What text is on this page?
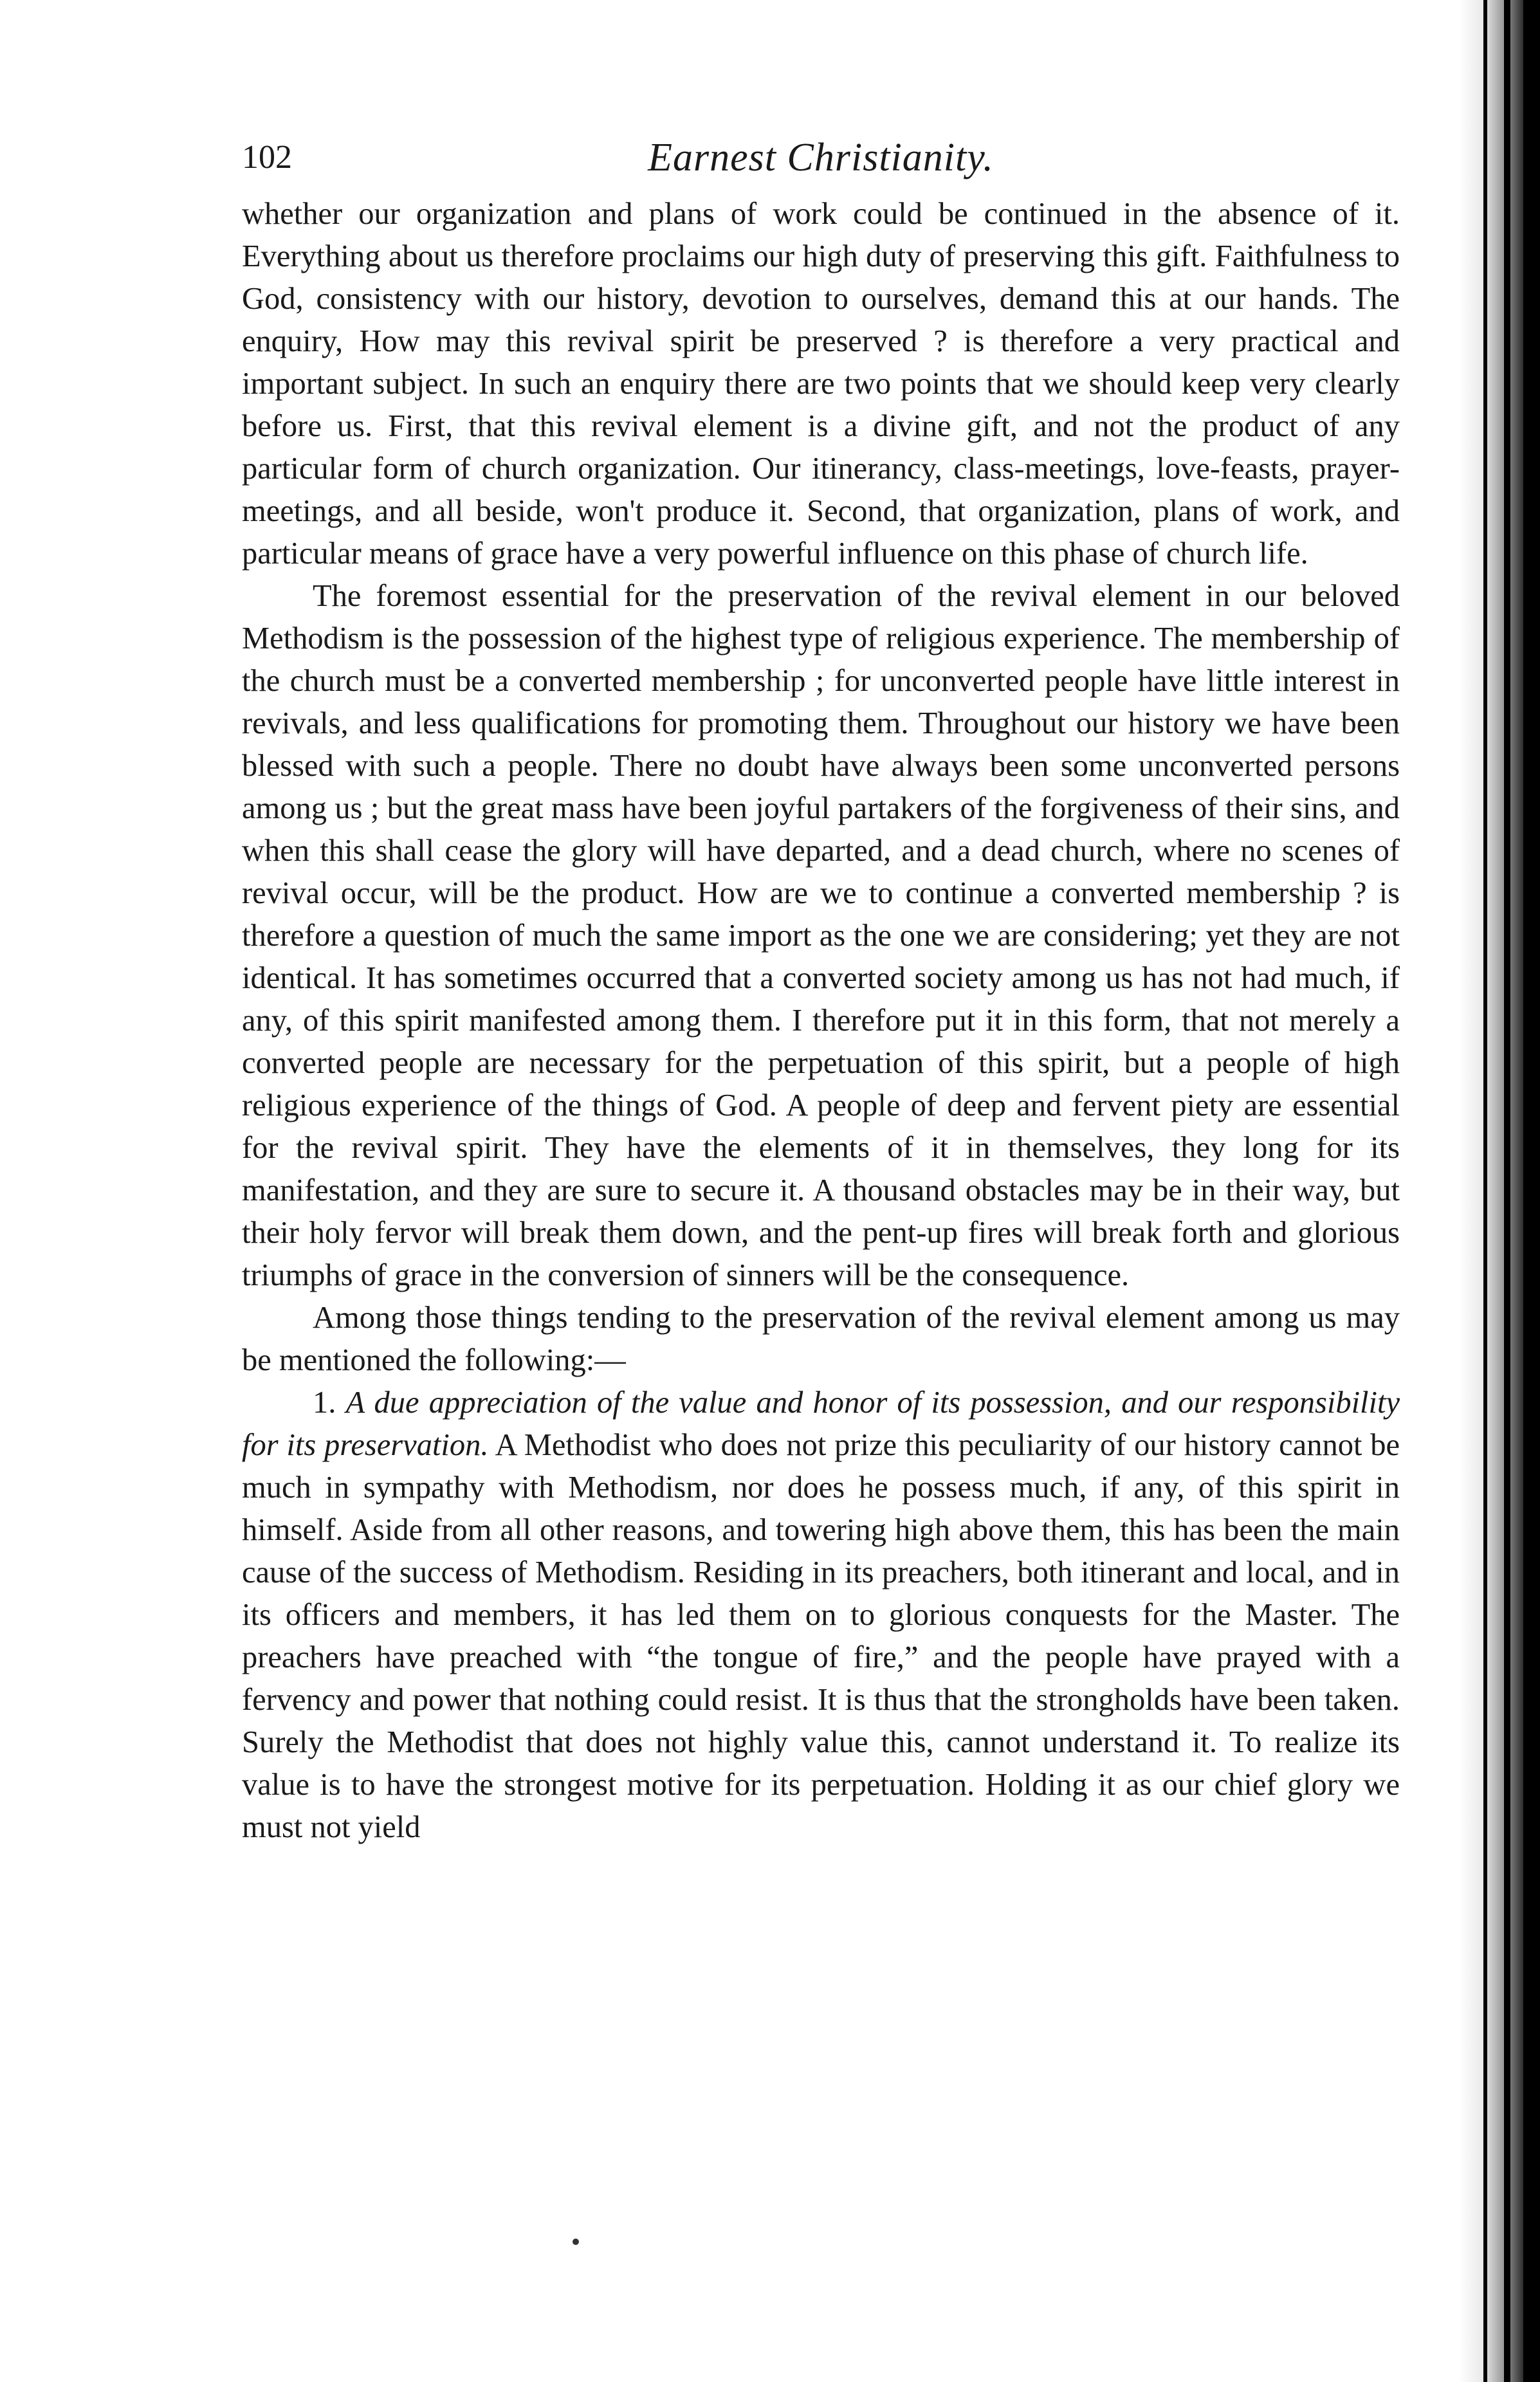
102	Earnest Christianity.

whether our organization and plans of work could be continued in the absence of it. Everything about us therefore proclaims our high duty of preserving this gift. Faithfulness to God, consistency with our history, devotion to ourselves, demand this at our hands. The enquiry, How may this revival spirit be preserved ? is therefore a very practical and important subject. In such an enquiry there are two points that we should keep very clearly before us. First, that this revival element is a divine gift, and not the product of any particular form of church organization. Our itinerancy, class-meetings, love-feasts, prayer-meetings, and all beside, won't produce it. Second, that organization, plans of work, and particular means of grace have a very powerful influence on this phase of church life.

The foremost essential for the preservation of the revival element in our beloved Methodism is the possession of the highest type of religious experience. The membership of the church must be a converted membership ; for unconverted people have little interest in revivals, and less qualifications for promoting them. Throughout our history we have been blessed with such a people. There no doubt have always been some unconverted persons among us ; but the great mass have been joyful partakers of the forgiveness of their sins, and when this shall cease the glory will have departed, and a dead church, where no scenes of revival occur, will be the product. How are we to continue a converted membership ? is therefore a question of much the same import as the one we are considering; yet they are not identical. It has sometimes occurred that a converted society among us has not had much, if any, of this spirit manifested among them. I therefore put it in this form, that not merely a converted people are necessary for the perpetuation of this spirit, but a people of high religious experience of the things of God. A people of deep and fervent piety are essential for the revival spirit. They have the elements of it in themselves, they long for its manifestation, and they are sure to secure it. A thousand obstacles may be in their way, but their holy fervor will break them down, and the pent-up fires will break forth and glorious triumphs of grace in the conversion of sinners will be the consequence.

Among those things tending to the preservation of the revival element among us may be mentioned the following:—

1. A due appreciation of the value and honor of its possession, and our responsibility for its preservation. A Methodist who does not prize this peculiarity of our history cannot be much in sympathy with Methodism, nor does he possess much, if any, of this spirit in himself. Aside from all other reasons, and towering high above them, this has been the main cause of the success of Methodism. Residing in its preachers, both itinerant and local, and in its officers and members, it has led them on to glorious conquests for the Master. The preachers have preached with “the tongue of fire,” and the people have prayed with a fervency and power that nothing could resist. It is thus that the strongholds have been taken. Surely the Methodist that does not highly value this, cannot understand it. To realize its value is to have the strongest motive for its perpetuation. Holding it as our chief glory we must not yield
